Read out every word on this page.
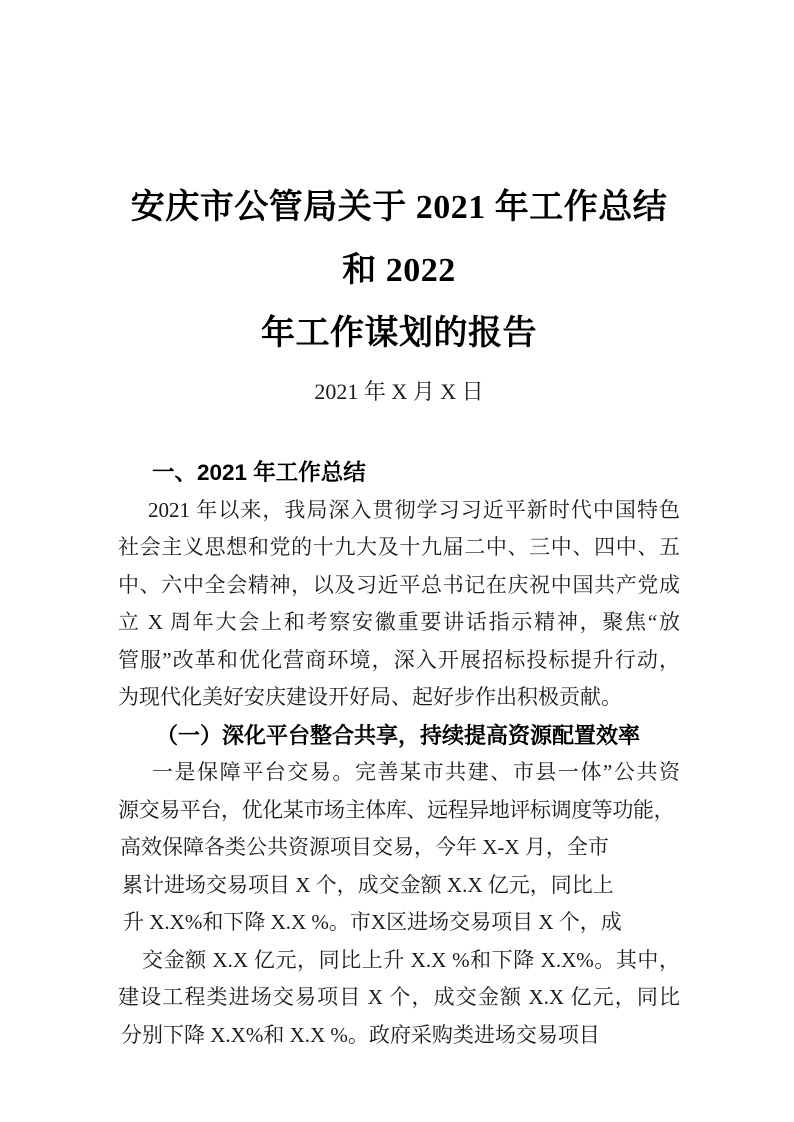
安庆市公管局关于 2021 年工作总结和 2022
年工作谋划的报告
2021 年 X 月 X 日
一、2021 年工作总结
2021 年以来，我局深入贯彻学习习近平新时代中国特色
社会主义思想和党的十九大及十九届二中、三中、四中、五
中、六中全会精神，以及习近平总书记在庆祝中国共产党成
立 X 周年大会上和考察安徽重要讲话指示精神，聚焦“放
管服”改革和优化营商环境，深入开展招标投标提升行动，
为现代化美好安庆建设开好局、起好步作出积极贡献。
（一）深化平台整合共享，持续提高资源配置效率
一是保障平台交易。完善某市共建、市县一体”公共资
源交易平台，优化某市场主体库、远程异地评标调度等功能，
高效保障各类公共资源项目交易，今年 X-X 月，全市
累计进场交易项目 X 个，成交金额 X.X 亿元，同比上
升 X.X%和下降 X.X %。市X区进场交易项目 X 个，成
交金额 X.X 亿元，同比上升 X.X %和下降 X.X%。其中，
建设工程类进场交易项目 X 个，成交金额 X.X 亿元，同比
分别下降 X.X%和 X.X %。政府采购类进场交易项目
